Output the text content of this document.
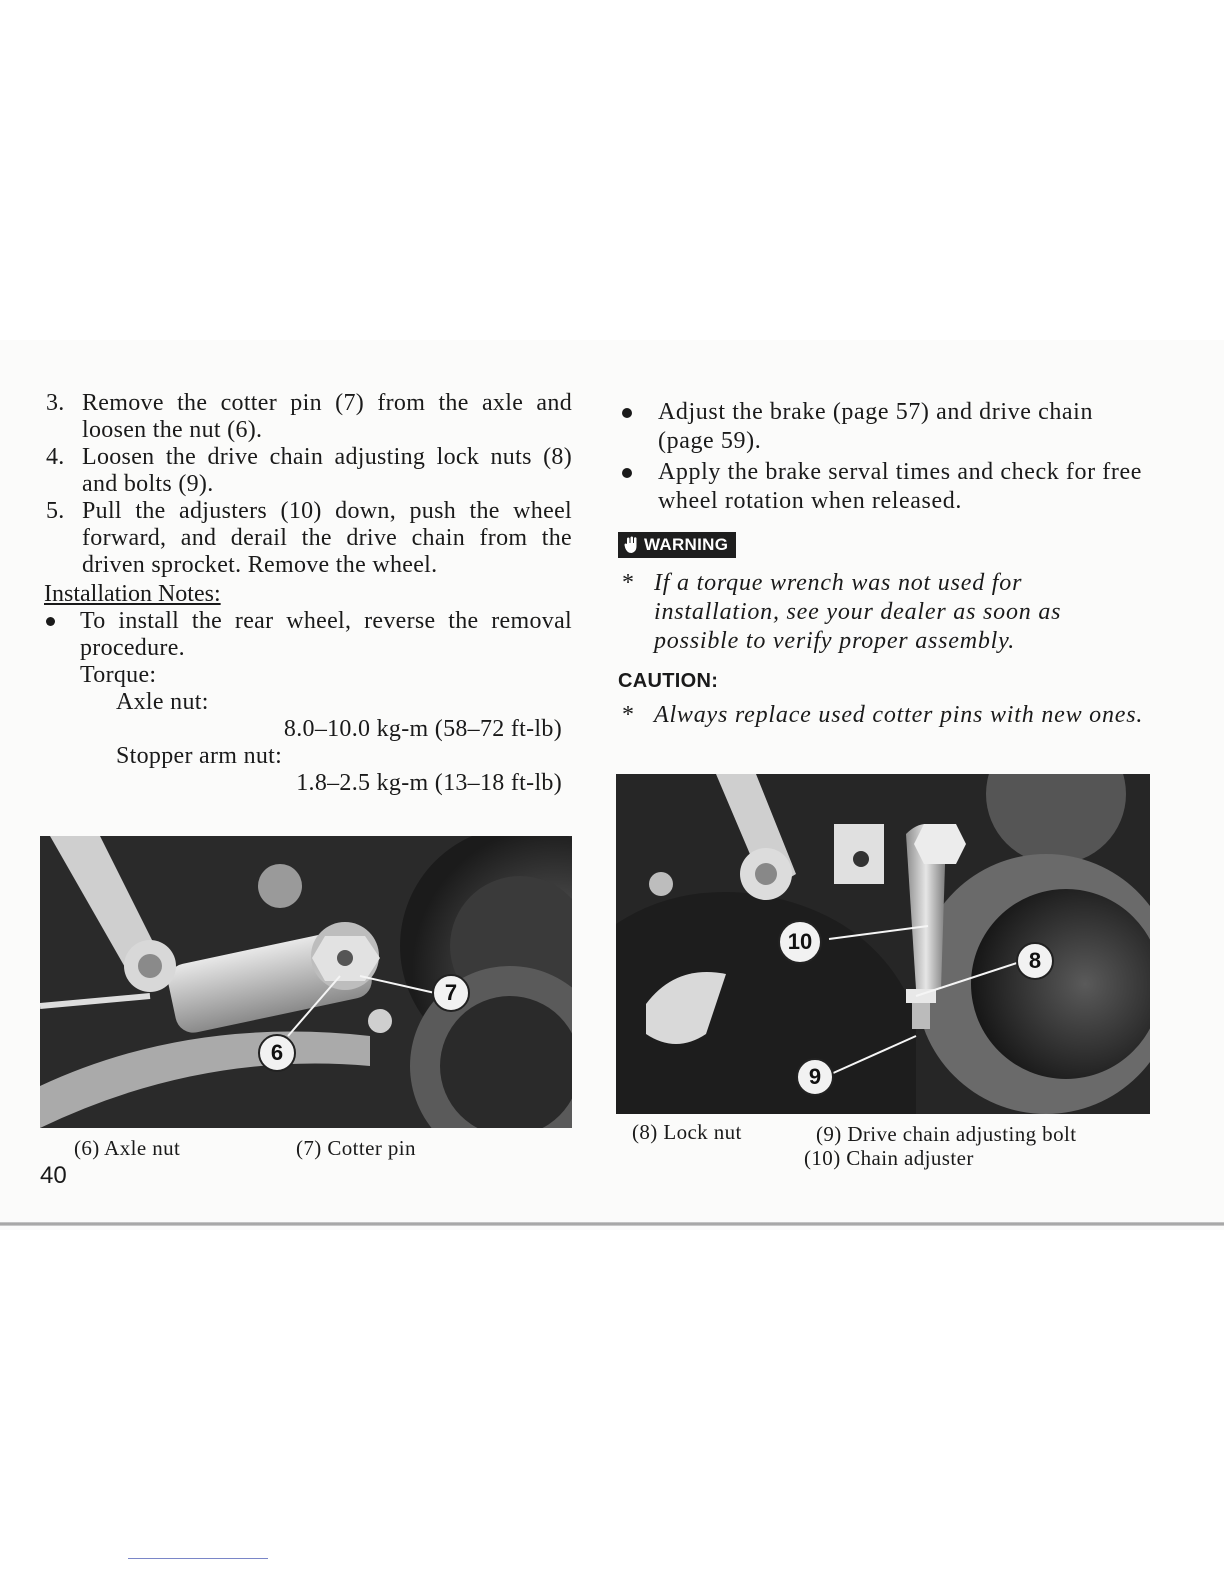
3. Remove the cotter pin (7) from the axle and loosen the nut (6).
4. Loosen the drive chain adjusting lock nuts (8) and bolts (9).
5. Pull the adjusters (10) down, push the wheel forward, and derail the drive chain from the driven sprocket. Remove the wheel.
Installation Notes:
To install the rear wheel, reverse the removal procedure.
Torque:
Axle nut:
8.0–10.0 kg-m (58–72 ft-lb)
Stopper arm nut:
1.8–2.5 kg-m (13–18 ft-lb)
7
6
(6) Axle nut	(7) Cotter pin
40
Adjust the brake (page 57) and drive chain (page 59).
Apply the brake serval times and check for free wheel rotation when released.
WARNING
* If a torque wrench was not used for installation, see your dealer as soon as possible to verify proper assembly.
CAUTION:
* Always replace used cotter pins with new ones.
10
8
9
(8) Lock nut	(9) Drive chain adjusting bolt
(10) Chain adjuster
